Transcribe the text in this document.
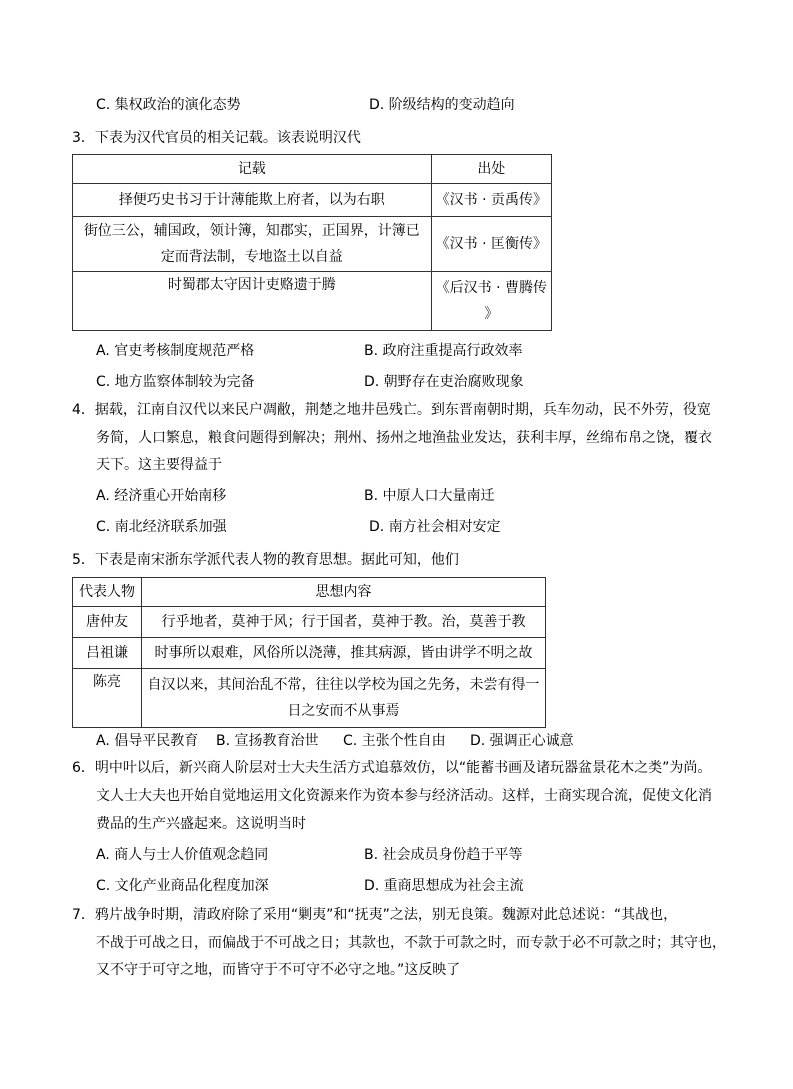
C. 集权政治的演化态势	D. 阶级结构的变动趋向
3．下表为汉代官员的相关记载。该表说明汉代
记载	出处
择便巧史书习于计薄能欺上府者，以为右职	《汉书 · 贡禹传》

街位三公，辅国政，领计簿，知郡实，正国界，计簿已
定而背法制，专地盗土以自益	《汉书 · 匡衡传》
时蜀郡太守因计吏赂遗于腾	《后汉书 · 曹腾传
》
A. 官吏考核制度规范严格	B. 政府注重提高行政效率
C. 地方监察体制较为完备	D. 朝野存在吏治腐败现象
4．据载，江南自汉代以来民户凋敝，荆楚之地井邑残亡。到东晋南朝时期，兵车勿动，民不外劳，役宽
务简，人口繁息，粮食问题得到解决；荆州、扬州之地渔盐业发达，获利丰厚，丝绵布帛之饶，覆衣
天下。这主要得益于
A. 经济重心开始南移	B. 中原人口大量南迁
C. 南北经济联系加强	D. 南方社会相对安定
5．下表是南宋浙东学派代表人物的教育思想。据此可知，他们
代表人物	思想内容
唐仲友	行乎地者，莫神于风；行于国者，莫神于教。治，莫善于教
吕祖谦	时事所以艰难，风俗所以浇薄，推其病源，皆由讲学不明之故
陈亮	自汉以来，其间治乱不常，往往以学校为国之先务，未尝有得一
日之安而不从事焉
A. 倡导平民教育 B. 宣扬教育治世 C. 主张个性自由 D. 强调正心诚意
6．明中叶以后，新兴商人阶层对士大夫生活方式追慕效仿，以“能蓄书画及诸玩器盆景花木之类”为尚。
文人士大夫也开始自觉地运用文化资源来作为资本参与经济活动。这样，士商实现合流，促使文化消
费品的生产兴盛起来。这说明当时
A. 商人与士人价值观念趋同	B. 社会成员身份趋于平等
C. 文化产业商品化程度加深	D. 重商思想成为社会主流
7．鸦片战争时期，清政府除了采用“剿夷”和“抚夷”之法，别无良策。魏源对此总述说：“其战也，
不战于可战之日，而偏战于不可战之日；其款也，不款于可款之时，而专款于必不可款之时；其守也，
又不守于可守之地，而皆守于不可守不必守之地。”这反映了
